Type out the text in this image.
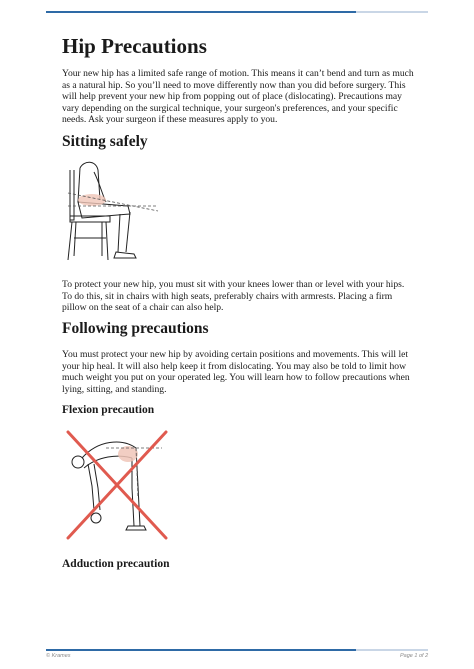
Hip Precautions

Your new hip has a limited safe range of motion. This means it can’t bend and turn as much as a natural hip. So you’ll need to move differently now than you did before surgery. This will help prevent your new hip from popping out of place (dislocating). Precautions may vary depending on the surgical technique, your surgeon's preferences, and your specific needs. Ask your surgeon if these measures apply to you.

Sitting safely

To protect your new hip, you must sit with your knees lower than or level with your hips. To do this, sit in chairs with high seats, preferably chairs with armrests. Placing a firm pillow on the seat of a chair can also help.

Following precautions

You must protect your new hip by avoiding certain positions and movements. This will let your hip heal. It will also help keep it from dislocating. You may also be told to limit how much weight you put on your operated leg. You will learn how to follow precautions when lying, sitting, and standing.

Flexion precaution
Adduction precaution
© Krames	Page 1 of 2
